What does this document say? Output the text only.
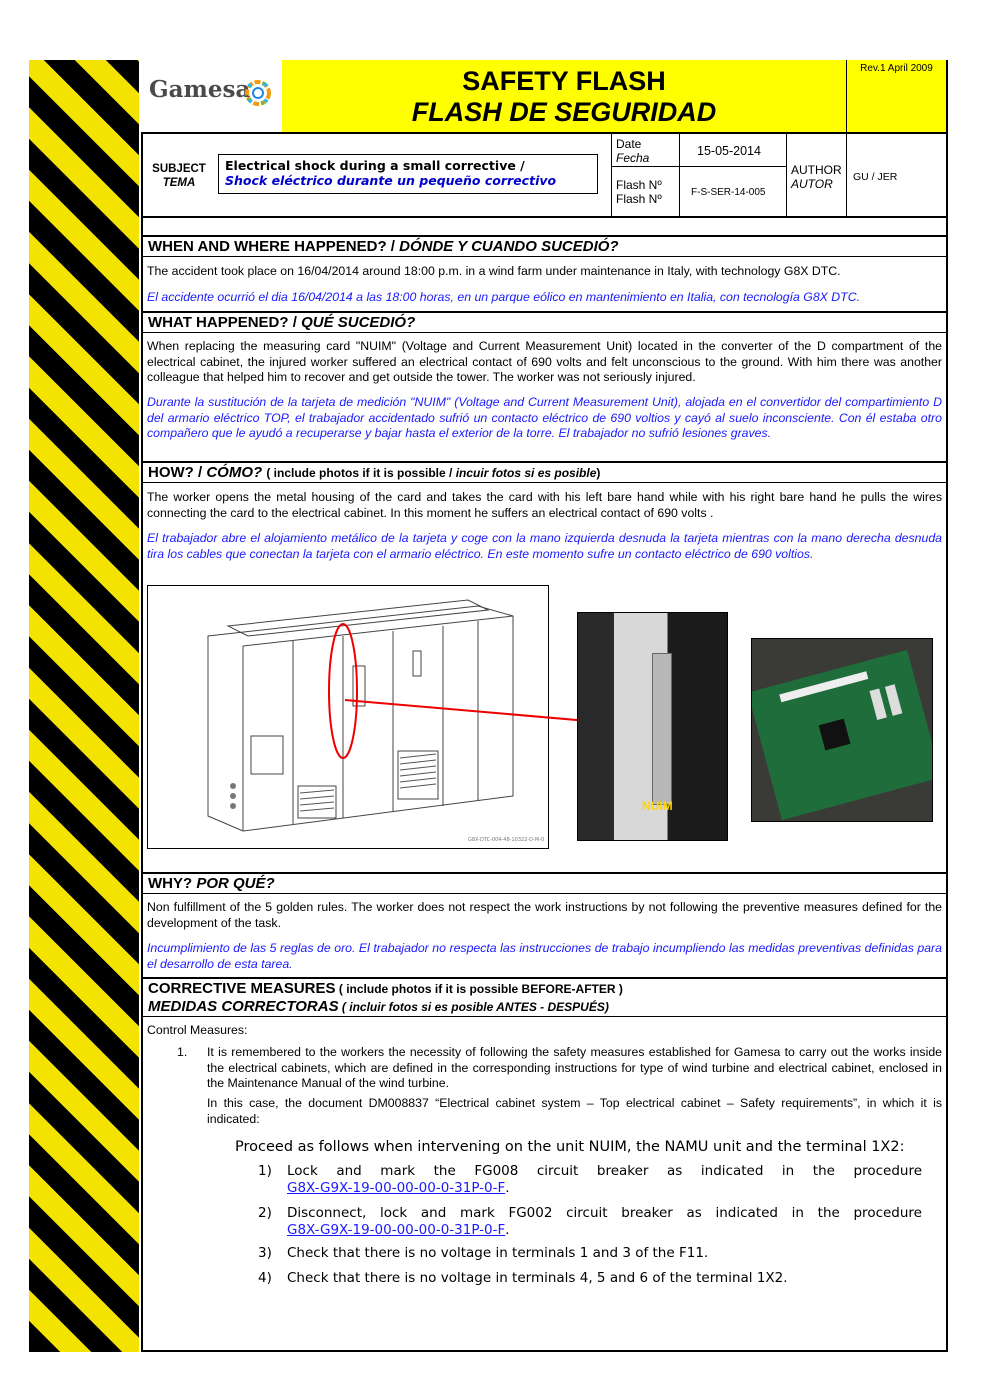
Gamesa	SAFETY FLASH
FLASH DE SEGURIDAD
Rev.1 April 2009
SUBJECT
TEMA
Electrical shock during a small corrective /
Shock eléctrico durante un pequeño correctivo
Date
Fecha	15-05-2014
Flash Nº
Flash Nº	F-S-SER-14-005
AUTHOR
AUTOR	GU / JER
WHEN AND WHERE HAPPENED? / DÓNDE Y CUANDO SUCEDIÓ?
The accident took place on 16/04/2014 around 18:00 p.m. in a wind farm under maintenance in Italy, with technology G8X DTC.
El accidente ocurrió el dia 16/04/2014 a las 18:00 horas, en un parque eólico en mantenimiento en Italia, con tecnología G8X DTC.
WHAT HAPPENED? / QUÉ SUCEDIÓ?
When replacing the measuring card "NUIM" (Voltage and Current Measurement Unit) located in the converter of the D compartment of the electrical cabinet, the injured worker suffered an electrical contact of 690 volts and felt unconscious to the ground. With him there was another colleague that helped him to recover and get outside the tower. The worker was not seriously injured.
Durante la sustitución de la tarjeta de medición "NUIM" (Voltage and Current Measurement Unit), alojada en el convertidor del compartimiento D del armario eléctrico TOP, el trabajador accidentado sufrió un contacto eléctrico de 690 voltios y cayó al suelo inconsciente. Con él estaba otro compañero que le ayudó a recuperarse y bajar hasta el exterior de la torre. El trabajador no sufrió lesiones graves.
HOW? / CÓMO? ( include photos if it is possible / incuir fotos si es posible)
The worker opens the metal housing of the card and takes the card with his left bare hand while with his right bare hand he pulls the wires connecting the card to the electrical cabinet. In this moment he suffers an electrical contact of 690 volts .
El trabajador abre el alojamiento metálico de la tarjeta y coge con la mano izquierda desnuda la tarjeta mientras con la mano derecha desnuda tira los cables que conectan la tarjeta con el armario eléctrico. En este momento sufre un contacto eléctrico de 690 voltios.
G8X-DTC-004-48-10322-D-M-0
NUIM
WHY? POR QUÉ?
Non fulfillment of the 5 golden rules. The worker does not respect the work instructions by not following the preventive measures defined for the development of the task.
Incumplimiento de las 5 reglas de oro. El trabajador no respecta las instrucciones de trabajo incumpliendo las medidas preventivas definidas para el desarrollo de esta tarea.
CORRECTIVE MEASURES ( include photos if it is possible BEFORE-AFTER )
MEDIDAS CORRECTORAS ( incluir fotos si es posible ANTES - DESPUÉS)
Control Measures:
1. It is remembered to the workers the necessity of following the safety measures established for Gamesa to carry out the works inside the electrical cabinets, which are defined in the corresponding instructions for type of wind turbine and electrical cabinet, enclosed in the Maintenance Manual of the wind turbine.
In this case, the document DM008837 “Electrical cabinet system – Top electrical cabinet – Safety requirements”, in which it is indicated:
Proceed as follows when intervening on the unit NUIM, the NAMU unit and the terminal 1X2:
1) Lock and mark the FG008 circuit breaker as indicated in the procedure G8X-G9X-19-00-00-00-0-31P-0-F.
2) Disconnect, lock and mark FG002 circuit breaker as indicated in the procedure G8X-G9X-19-00-00-00-0-31P-0-F.
3) Check that there is no voltage in terminals 1 and 3 of the F11.
4) Check that there is no voltage in terminals 4, 5 and 6 of the terminal 1X2.
